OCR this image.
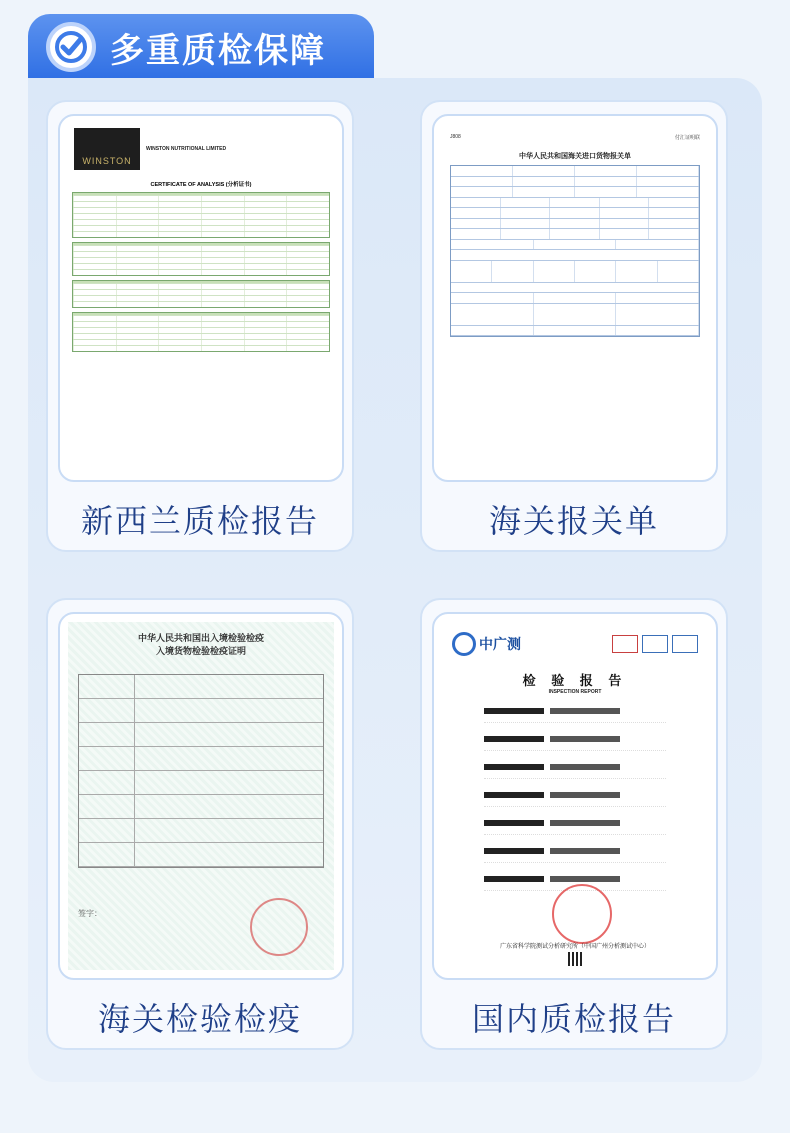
多重质检保障
WINSTON
WINSTON NUTRITIONAL LIMITED
CERTIFICATE OF ANALYSIS (分析证书)
新西兰质检报告
J808	付汇证明联
中华人民共和国海关进口货物报关单
海关报关单
中华人民共和国出入境检验检疫
入境货物检验检疫证明
签字：
海关检验检疫
中广测
检 验 报 告
INSPECTION REPORT
广东省科学院测试分析研究所（中国广州分析测试中心）
国内质检报告
